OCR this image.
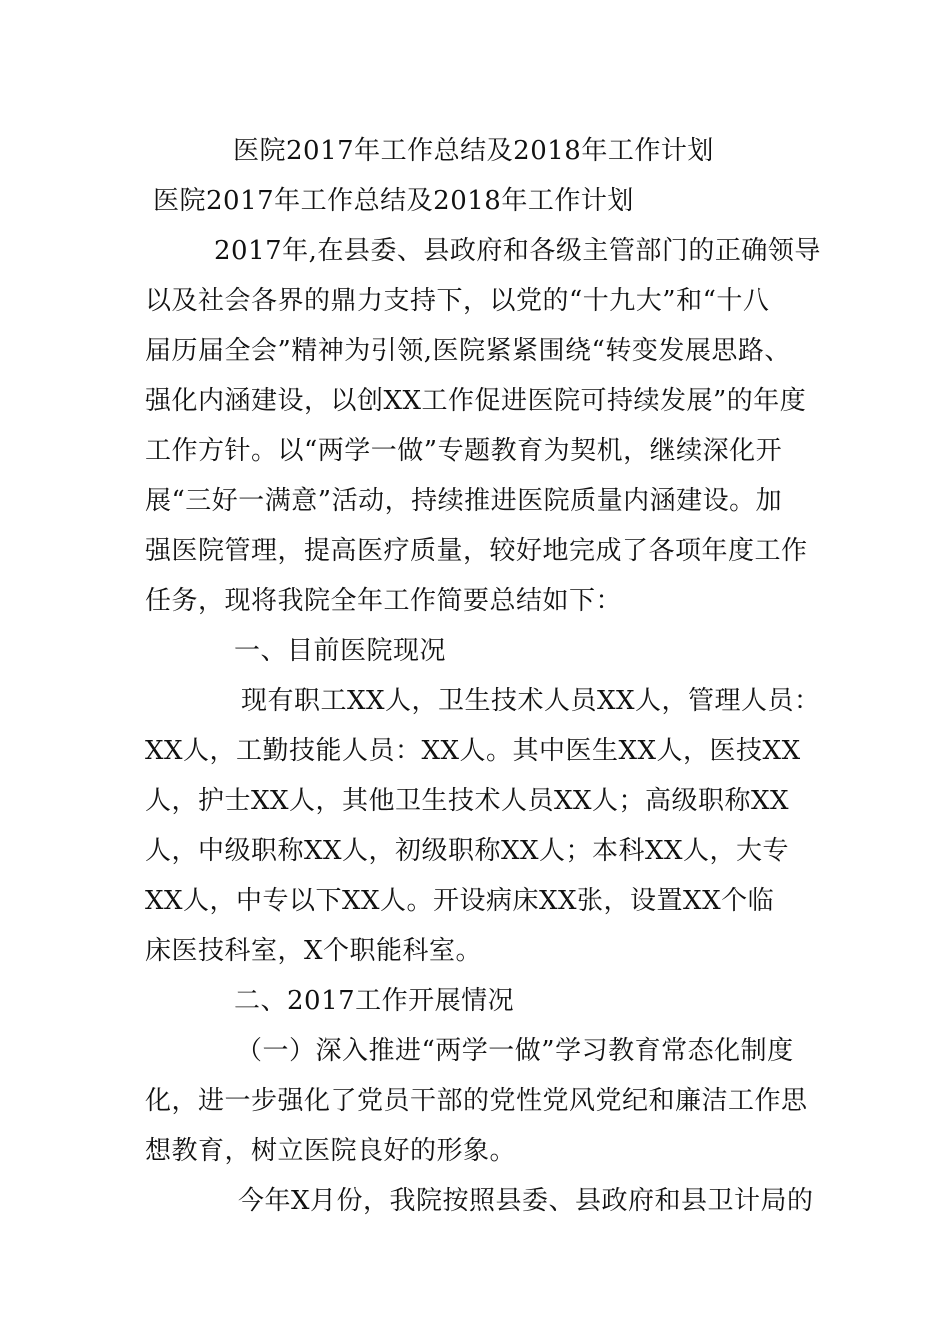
医院2017年工作总结及2018年工作计划
医院2017年工作总结及2018年工作计划
2017年,在县委、县政府和各级主管部门的正确领导
以及社会各界的鼎力支持下，以党的“十九大”和“十八
届历届全会”精神为引领,医院紧紧围绕“转变发展思路、
强化内涵建设，以创XX工作促进医院可持续发展”的年度
工作方针。以“两学一做”专题教育为契机，继续深化开
展“三好一满意”活动，持续推进医院质量内涵建设。加
强医院管理，提高医疗质量，较好地完成了各项年度工作
任务，现将我院全年工作简要总结如下：
一、目前医院现况
现有职工XX人，卫生技术人员XX人，管理人员：
XX人，工勤技能人员：XX人。其中医生XX人，医技XX
人，护士XX人，其他卫生技术人员XX人；高级职称XX
人，中级职称XX人，初级职称XX人；本科XX人，大专
XX人，中专以下XX人。开设病床XX张，设置XX个临
床医技科室，X个职能科室。
二、2017工作开展情况
（一）深入推进“两学一做”学习教育常态化制度
化，进一步强化了党员干部的党性党风党纪和廉洁工作思
想教育，树立医院良好的形象。
今年X月份，我院按照县委、县政府和县卫计局的
